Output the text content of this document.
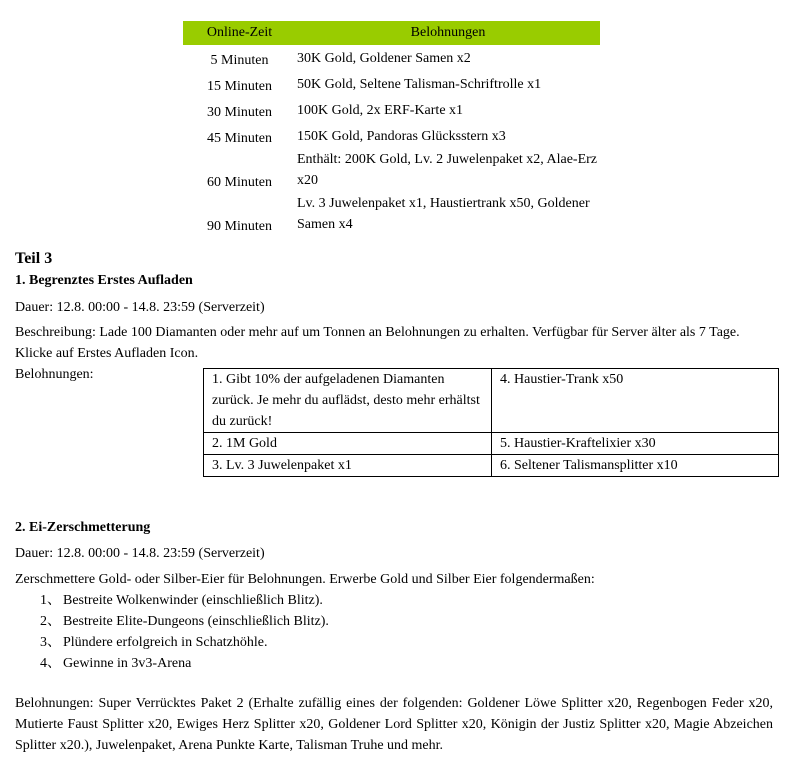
Online-Zeit	Belohnungen
5 Minuten	30K Gold, Goldener Samen x2
15 Minuten	50K Gold, Seltene Talisman-Schriftrolle x1
30 Minuten	100K Gold, 2x ERF-Karte x1
45 Minuten	150K Gold, Pandoras Glücksstern x3
60 Minuten	Enthält: 200K Gold, Lv. 2 Juwelenpaket x2, Alae-Erz x20
90 Minuten	Lv. 3 Juwelenpaket x1, Haustiertrank x50, Goldener Samen x4
Teil 3

1. Begrenztes Erstes Aufladen

Dauer: 12.8. 00:00 - 14.8. 23:59 (Serverzeit)

Beschreibung: Lade 100 Diamanten oder mehr auf um Tonnen an Belohnungen zu erhalten. Verfügbar für Server älter als 7 Tage. Klicke auf Erstes Aufladen Icon.

Belohnungen:	1. Gibt 10% der aufgeladenen Diamanten zurück. Je mehr du auflädst, desto mehr erhältst du zurück!	4. Haustier-Trank x50
2. 1M Gold	5. Haustier-Kraftelixier x30
3. Lv. 3 Juwelenpaket x1	6. Seltener Talismansplitter x10

2. Ei-Zerschmetterung

Dauer: 12.8. 00:00 - 14.8. 23:59 (Serverzeit)

Zerschmettere Gold- oder Silber-Eier für Belohnungen. Erwerbe Gold und Silber Eier folgendermaßen:

1、 Bestreite Wolkenwinder (einschließlich Blitz).
2、 Bestreite Elite-Dungeons (einschließlich Blitz).
3、 Plündere erfolgreich in Schatzhöhle.
4、 Gewinne in 3v3-Arena

Belohnungen: Super Verrücktes Paket 2 (Erhalte zufällig eines der folgenden: Goldener Löwe Splitter x20, Regenbogen Feder x20, Mutierte Faust Splitter x20, Ewiges Herz Splitter x20, Goldener Lord Splitter x20, Königin der Justiz Splitter x20, Magie Abzeichen Splitter x20.), Juwelenpaket, Arena Punkte Karte, Talisman Truhe und mehr.
